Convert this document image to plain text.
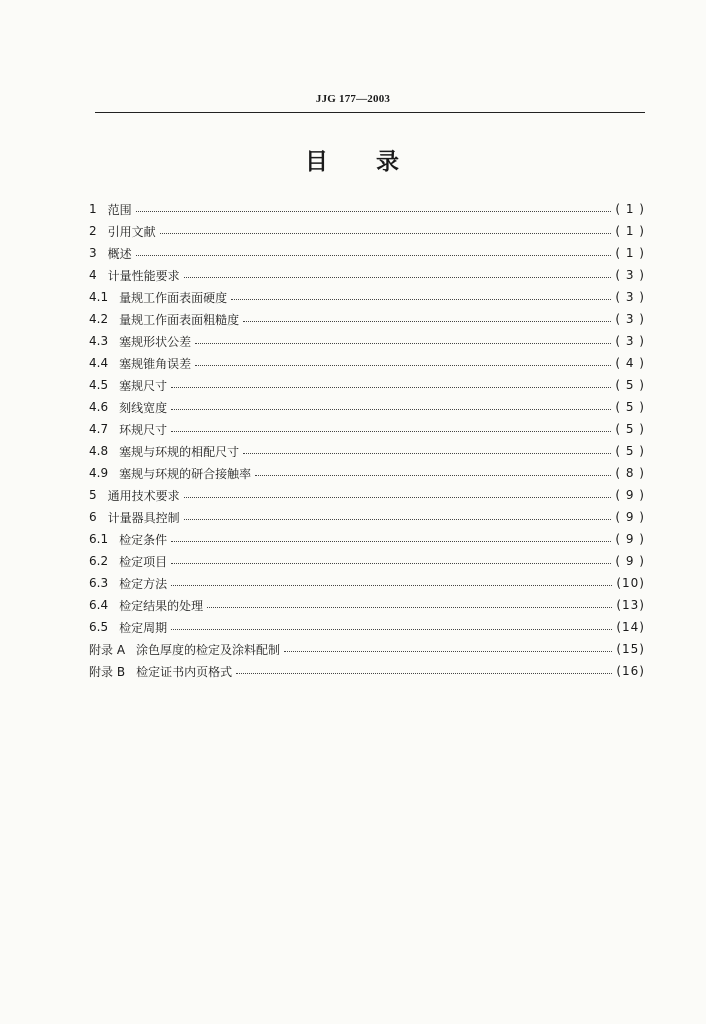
JJG 177—2003
目 录
1 范围	( 1 )
2 引用文献	( 1 )
3 概述	( 1 )
4 计量性能要求	( 3 )
4.1 量规工作面表面硬度	( 3 )
4.2 量规工作面表面粗糙度	( 3 )
4.3 塞规形状公差	( 3 )
4.4 塞规锥角误差	( 4 )
4.5 塞规尺寸	( 5 )
4.6 刻线宽度	( 5 )
4.7 环规尺寸	( 5 )
4.8 塞规与环规的相配尺寸	( 5 )
4.9 塞规与环规的研合接触率	( 8 )
5 通用技术要求	( 9 )
6 计量器具控制	( 9 )
6.1 检定条件	( 9 )
6.2 检定项目	( 9 )
6.3 检定方法	(10)
6.4 检定结果的处理	(13)
6.5 检定周期	(14)
附录 A 涂色厚度的检定及涂料配制	(15)
附录 B 检定证书内页格式	(16)
